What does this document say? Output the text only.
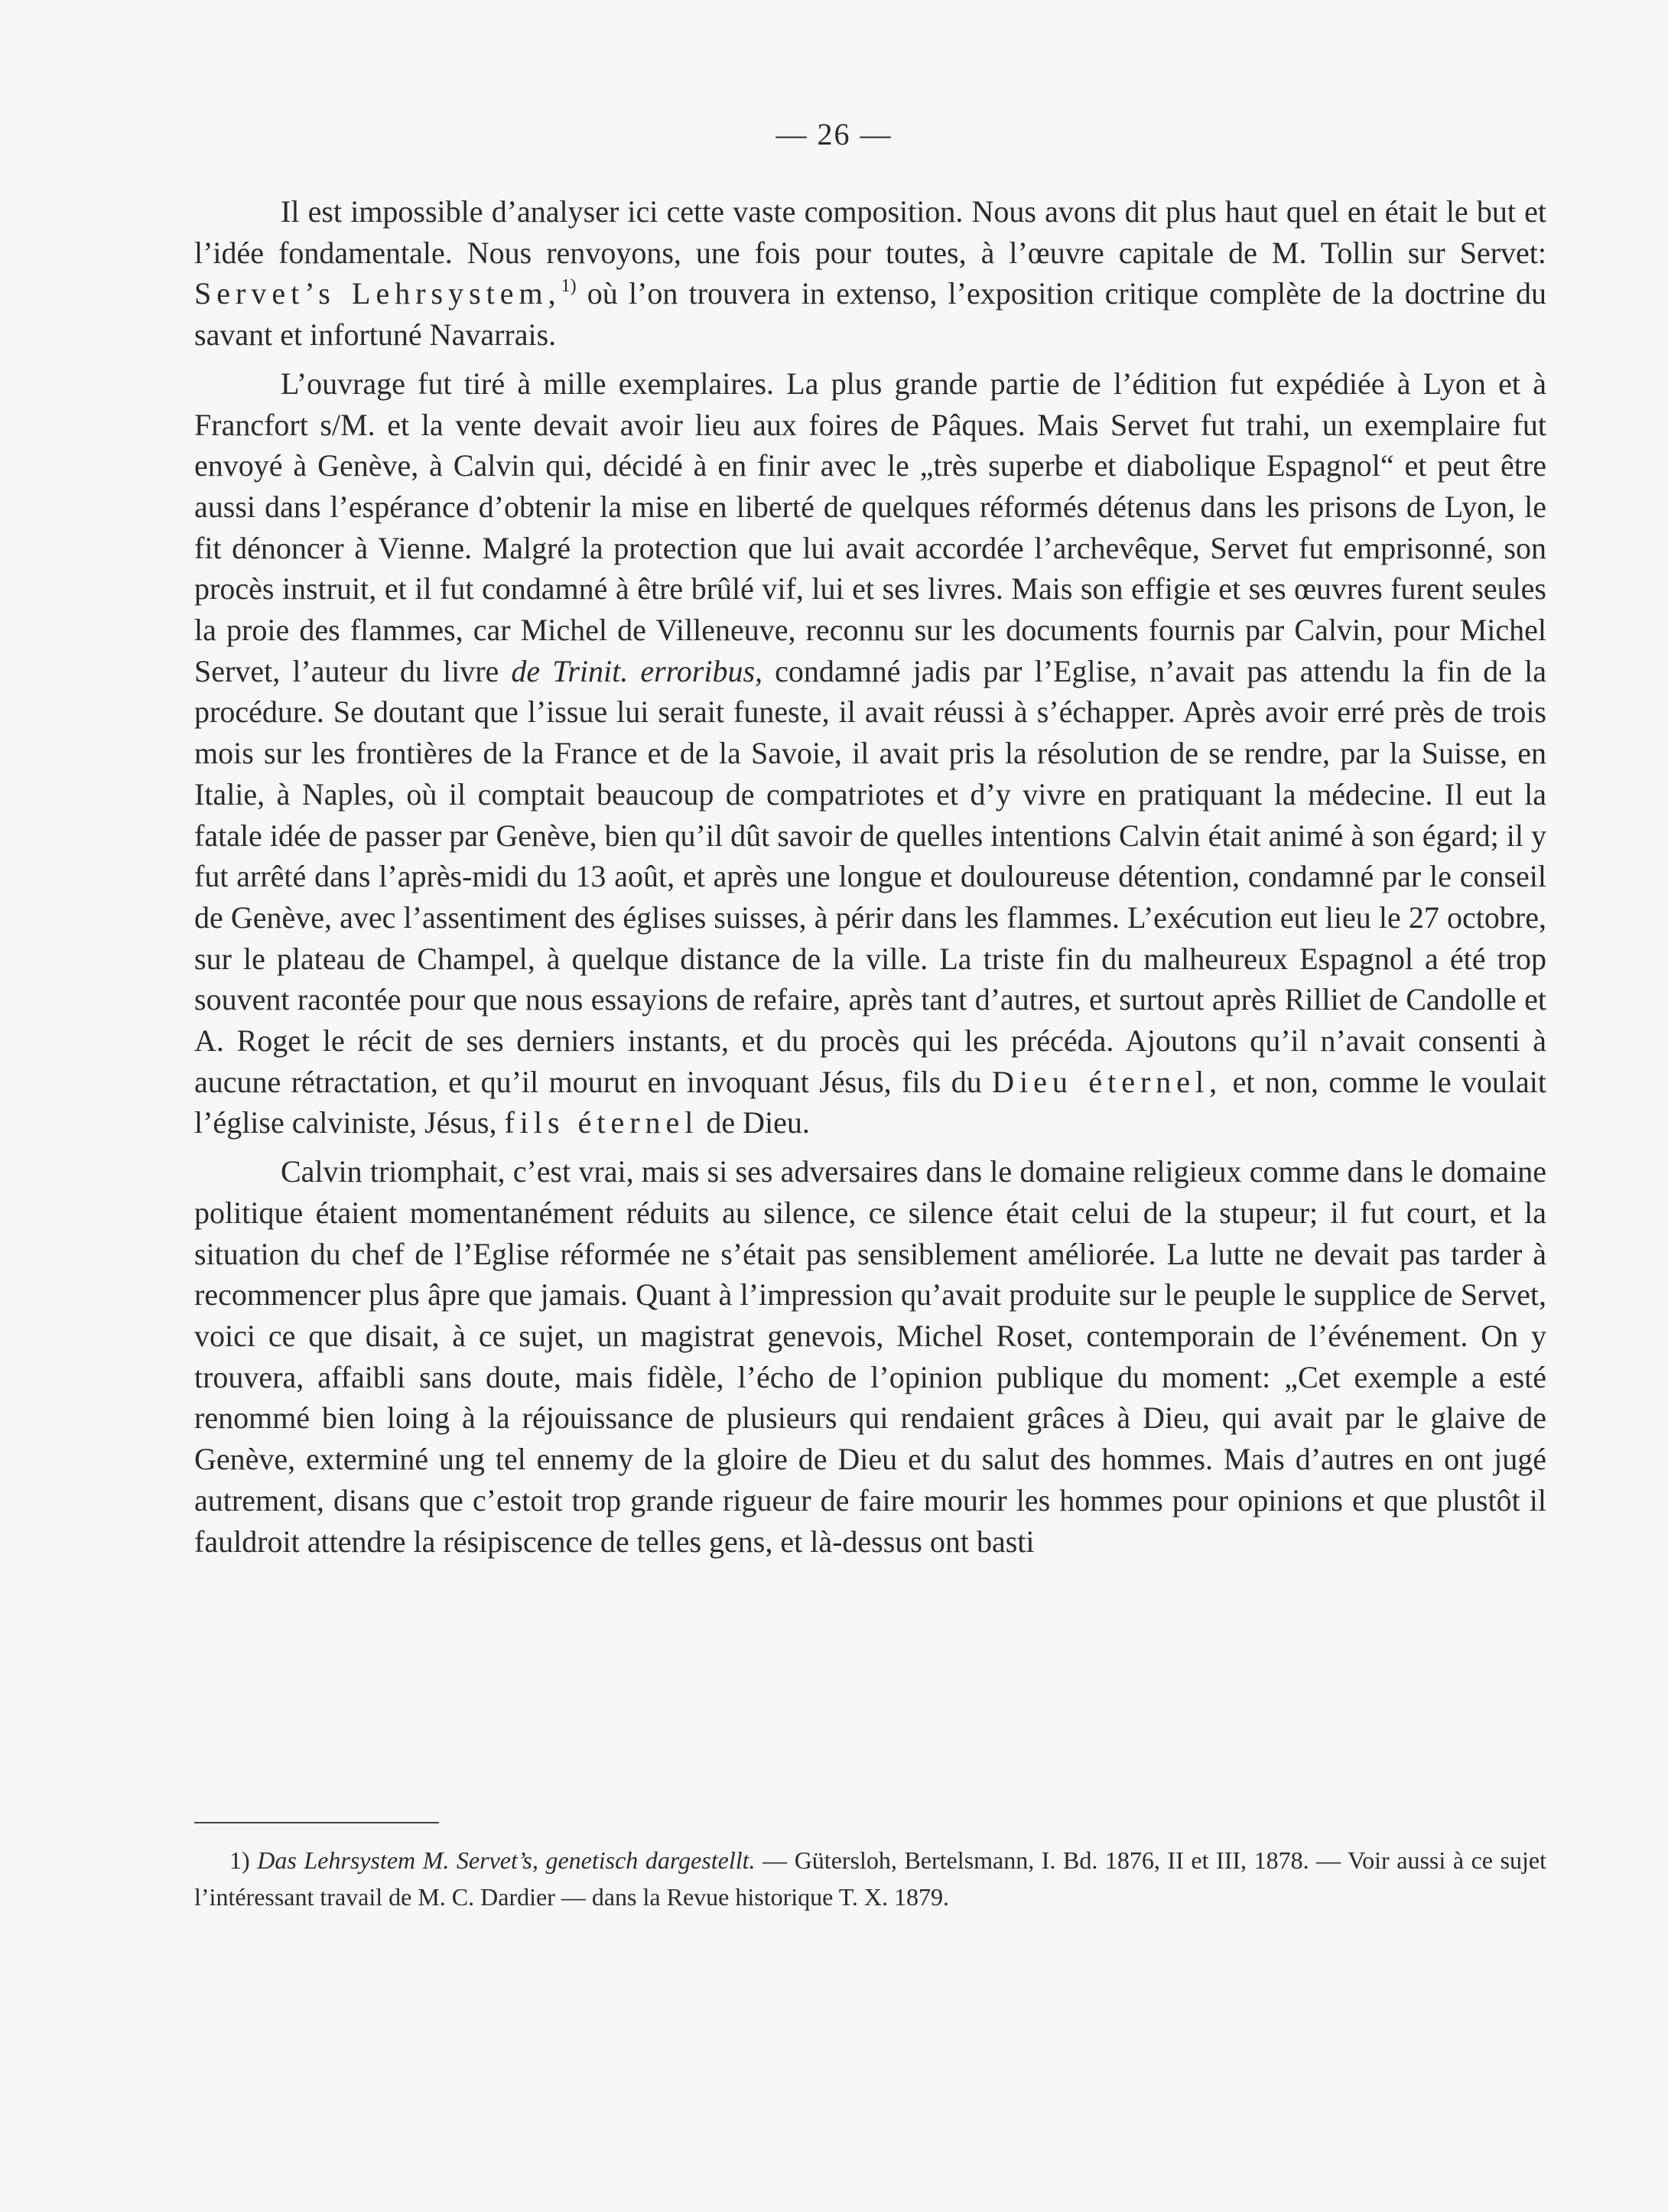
— 26 —

Il est impossible d’analyser ici cette vaste composition. Nous avons dit plus haut quel en était le but et l’idée fondamentale. Nous renvoyons, une fois pour toutes, à l’œuvre capitale de M. Tollin sur Servet: Servet’s Lehrsystem,$^{1)}$ où l’on trouvera in extenso, l’exposition critique complète de la doctrine du savant et infortuné Navarrais.

L’ouvrage fut tiré à mille exemplaires. La plus grande partie de l’édition fut expédiée à Lyon et à Francfort s/M. et la vente devait avoir lieu aux foires de Pâques. Mais Servet fut trahi, un exemplaire fut envoyé à Genève, à Calvin qui, décidé à en finir avec le „très superbe et diabolique Espagnol“ et peut être aussi dans l’espérance d’obtenir la mise en liberté de quelques réformés détenus dans les prisons de Lyon, le fit dénoncer à Vienne. Malgré la protection que lui avait accordée l’archevêque, Servet fut emprisonné, son procès instruit, et il fut condamné à être brûlé vif, lui et ses livres. Mais son effigie et ses œuvres furent seules la proie des flammes, car Michel de Villeneuve, reconnu sur les documents fournis par Calvin, pour Michel Servet, l’auteur du livre de Trinit. erroribus, condamné jadis par l’Eglise, n’avait pas attendu la fin de la procédure. Se doutant que l’issue lui serait funeste, il avait réussi à s’échapper. Après avoir erré près de trois mois sur les frontières de la France et de la Savoie, il avait pris la résolution de se rendre, par la Suisse, en Italie, à Naples, où il comptait beaucoup de compatriotes et d’y vivre en pratiquant la médecine. Il eut la fatale idée de passer par Genève, bien qu’il dût savoir de quelles intentions Calvin était animé à son égard; il y fut arrêté dans l’après-midi du 13 août, et après une longue et douloureuse détention, condamné par le conseil de Genève, avec l’assentiment des églises suisses, à périr dans les flammes. L’exécution eut lieu le 27 octobre, sur le plateau de Champel, à quelque distance de la ville. La triste fin du malheureux Espagnol a été trop souvent racontée pour que nous essayions de refaire, après tant d’autres, et surtout après Rilliet de Candolle et A. Roget le récit de ses derniers instants, et du procès qui les précéda. Ajoutons qu’il n’avait consenti à aucune rétractation, et qu’il mourut en invoquant Jésus, fils du Dieu éternel, et non, comme le voulait l’église calviniste, Jésus, fils éternel de Dieu.

Calvin triomphait, c’est vrai, mais si ses adversaires dans le domaine religieux comme dans le domaine politique étaient momentanément réduits au silence, ce silence était celui de la stupeur; il fut court, et la situation du chef de l’Eglise réformée ne s’était pas sensiblement améliorée. La lutte ne devait pas tarder à recommencer plus âpre que jamais. Quant à l’impression qu’avait produite sur le peuple le supplice de Servet, voici ce que disait, à ce sujet, un magistrat genevois, Michel Roset, contemporain de l’événement. On y trouvera, affaibli sans doute, mais fidèle, l’écho de l’opinion publique du moment: „Cet exemple a esté renommé bien loing à la réjouissance de plusieurs qui rendaient grâces à Dieu, qui avait par le glaive de Genève, exterminé ung tel ennemy de la gloire de Dieu et du salut des hommes. Mais d’autres en ont jugé autrement, disans que c’estoit trop grande rigueur de faire mourir les hommes pour opinions et que plustôt il fauldroit attendre la résipiscence de telles gens, et là-dessus ont basti

1) Das Lehrsystem M. Servet’s, genetisch dargestellt. — Gütersloh, Bertelsmann, I. Bd. 1876, II et III, 1878. — Voir aussi à ce sujet l’intéressant travail de M. C. Dardier — dans la Revue historique T. X. 1879.
